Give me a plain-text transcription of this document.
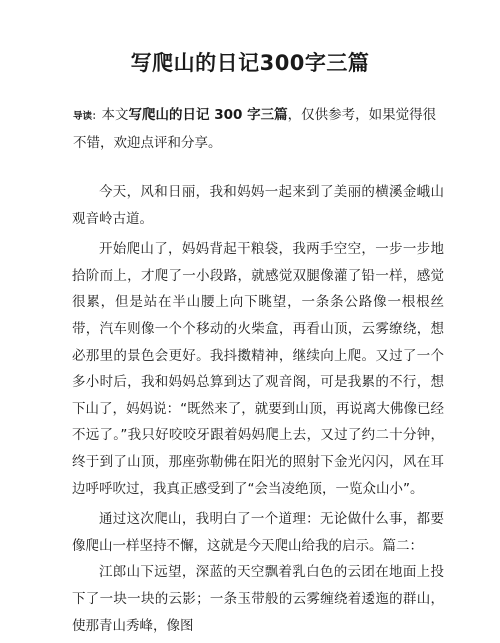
写爬山的日记300字三篇

导读：本文写爬山的日记 300 字三篇，仅供参考，如果觉得很不错，欢迎点评和分享。

今天，风和日丽，我和妈妈一起来到了美丽的横溪金峨山观音岭古道。

开始爬山了，妈妈背起干粮袋，我两手空空，一步一步地拾阶而上，才爬了一小段路，就感觉双腿像灌了铅一样，感觉很累，但是站在半山腰上向下眺望，一条条公路像一根根丝带，汽车则像一个个移动的火柴盒，再看山顶，云雾缭绕，想必那里的景色会更好。我抖擞精神，继续向上爬。又过了一个多小时后，我和妈妈总算到达了观音阁，可是我累的不行，想下山了，妈妈说：“既然来了，就要到山顶，再说离大佛像已经不远了。”我只好咬咬牙跟着妈妈爬上去，又过了约二十分钟，终于到了山顶，那座弥勒佛在阳光的照射下金光闪闪，风在耳边呼呼吹过，我真正感受到了“会当凌绝顶，一览众山小”。

通过这次爬山，我明白了一个道理：无论做什么事，都要像爬山一样坚持不懈，这就是今天爬山给我的启示。篇二：

江郎山下远望，深蓝的天空飘着乳白色的云团在地面上投下了一块一块的云影；一条玉带般的云雾缠绕着逶迤的群山，使那青山秀峰，像图
